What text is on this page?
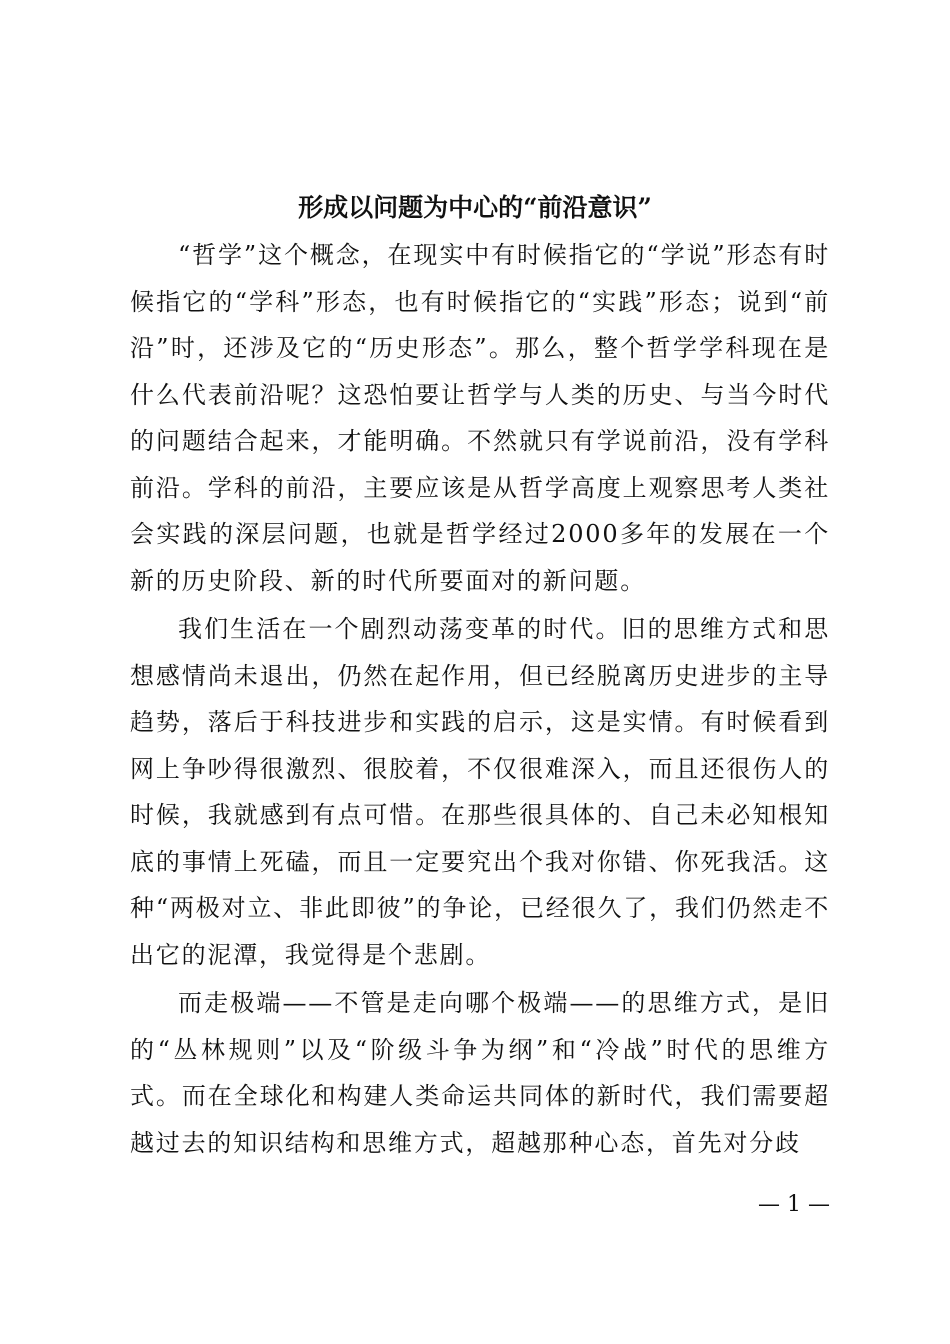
形成以问题为中心的“前沿意识”

“哲学”这个概念，在现实中有时候指它的“学说”形态有时候指它的“学科”形态，也有时候指它的“实践”形态；说到“前沿”时，还涉及它的“历史形态”。那么，整个哲学学科现在是什么代表前沿呢？这恐怕要让哲学与人类的历史、与当今时代的问题结合起来，才能明确。不然就只有学说前沿，没有学科前沿。学科的前沿，主要应该是从哲学高度上观察思考人类社会实践的深层问题，也就是哲学经过2000多年的发展在一个新的历史阶段、新的时代所要面对的新问题。

我们生活在一个剧烈动荡变革的时代。旧的思维方式和思想感情尚未退出，仍然在起作用，但已经脱离历史进步的主导趋势，落后于科技进步和实践的启示，这是实情。有时候看到网上争吵得很激烈、很胶着，不仅很难深入，而且还很伤人的时候，我就感到有点可惜。在那些很具体的、自己未必知根知底的事情上死磕，而且一定要究出个我对你错、你死我活。这种“两极对立、非此即彼”的争论，已经很久了，我们仍然走不出它的泥潭，我觉得是个悲剧。

而走极端——不管是走向哪个极端——的思维方式，是旧的“丛林规则”以及“阶级斗争为纲”和“冷战”时代的思维方式。而在全球化和构建人类命运共同体的新时代，我们需要超越过去的知识结构和思维方式，超越那种心态，首先对分歧

— 1 —
